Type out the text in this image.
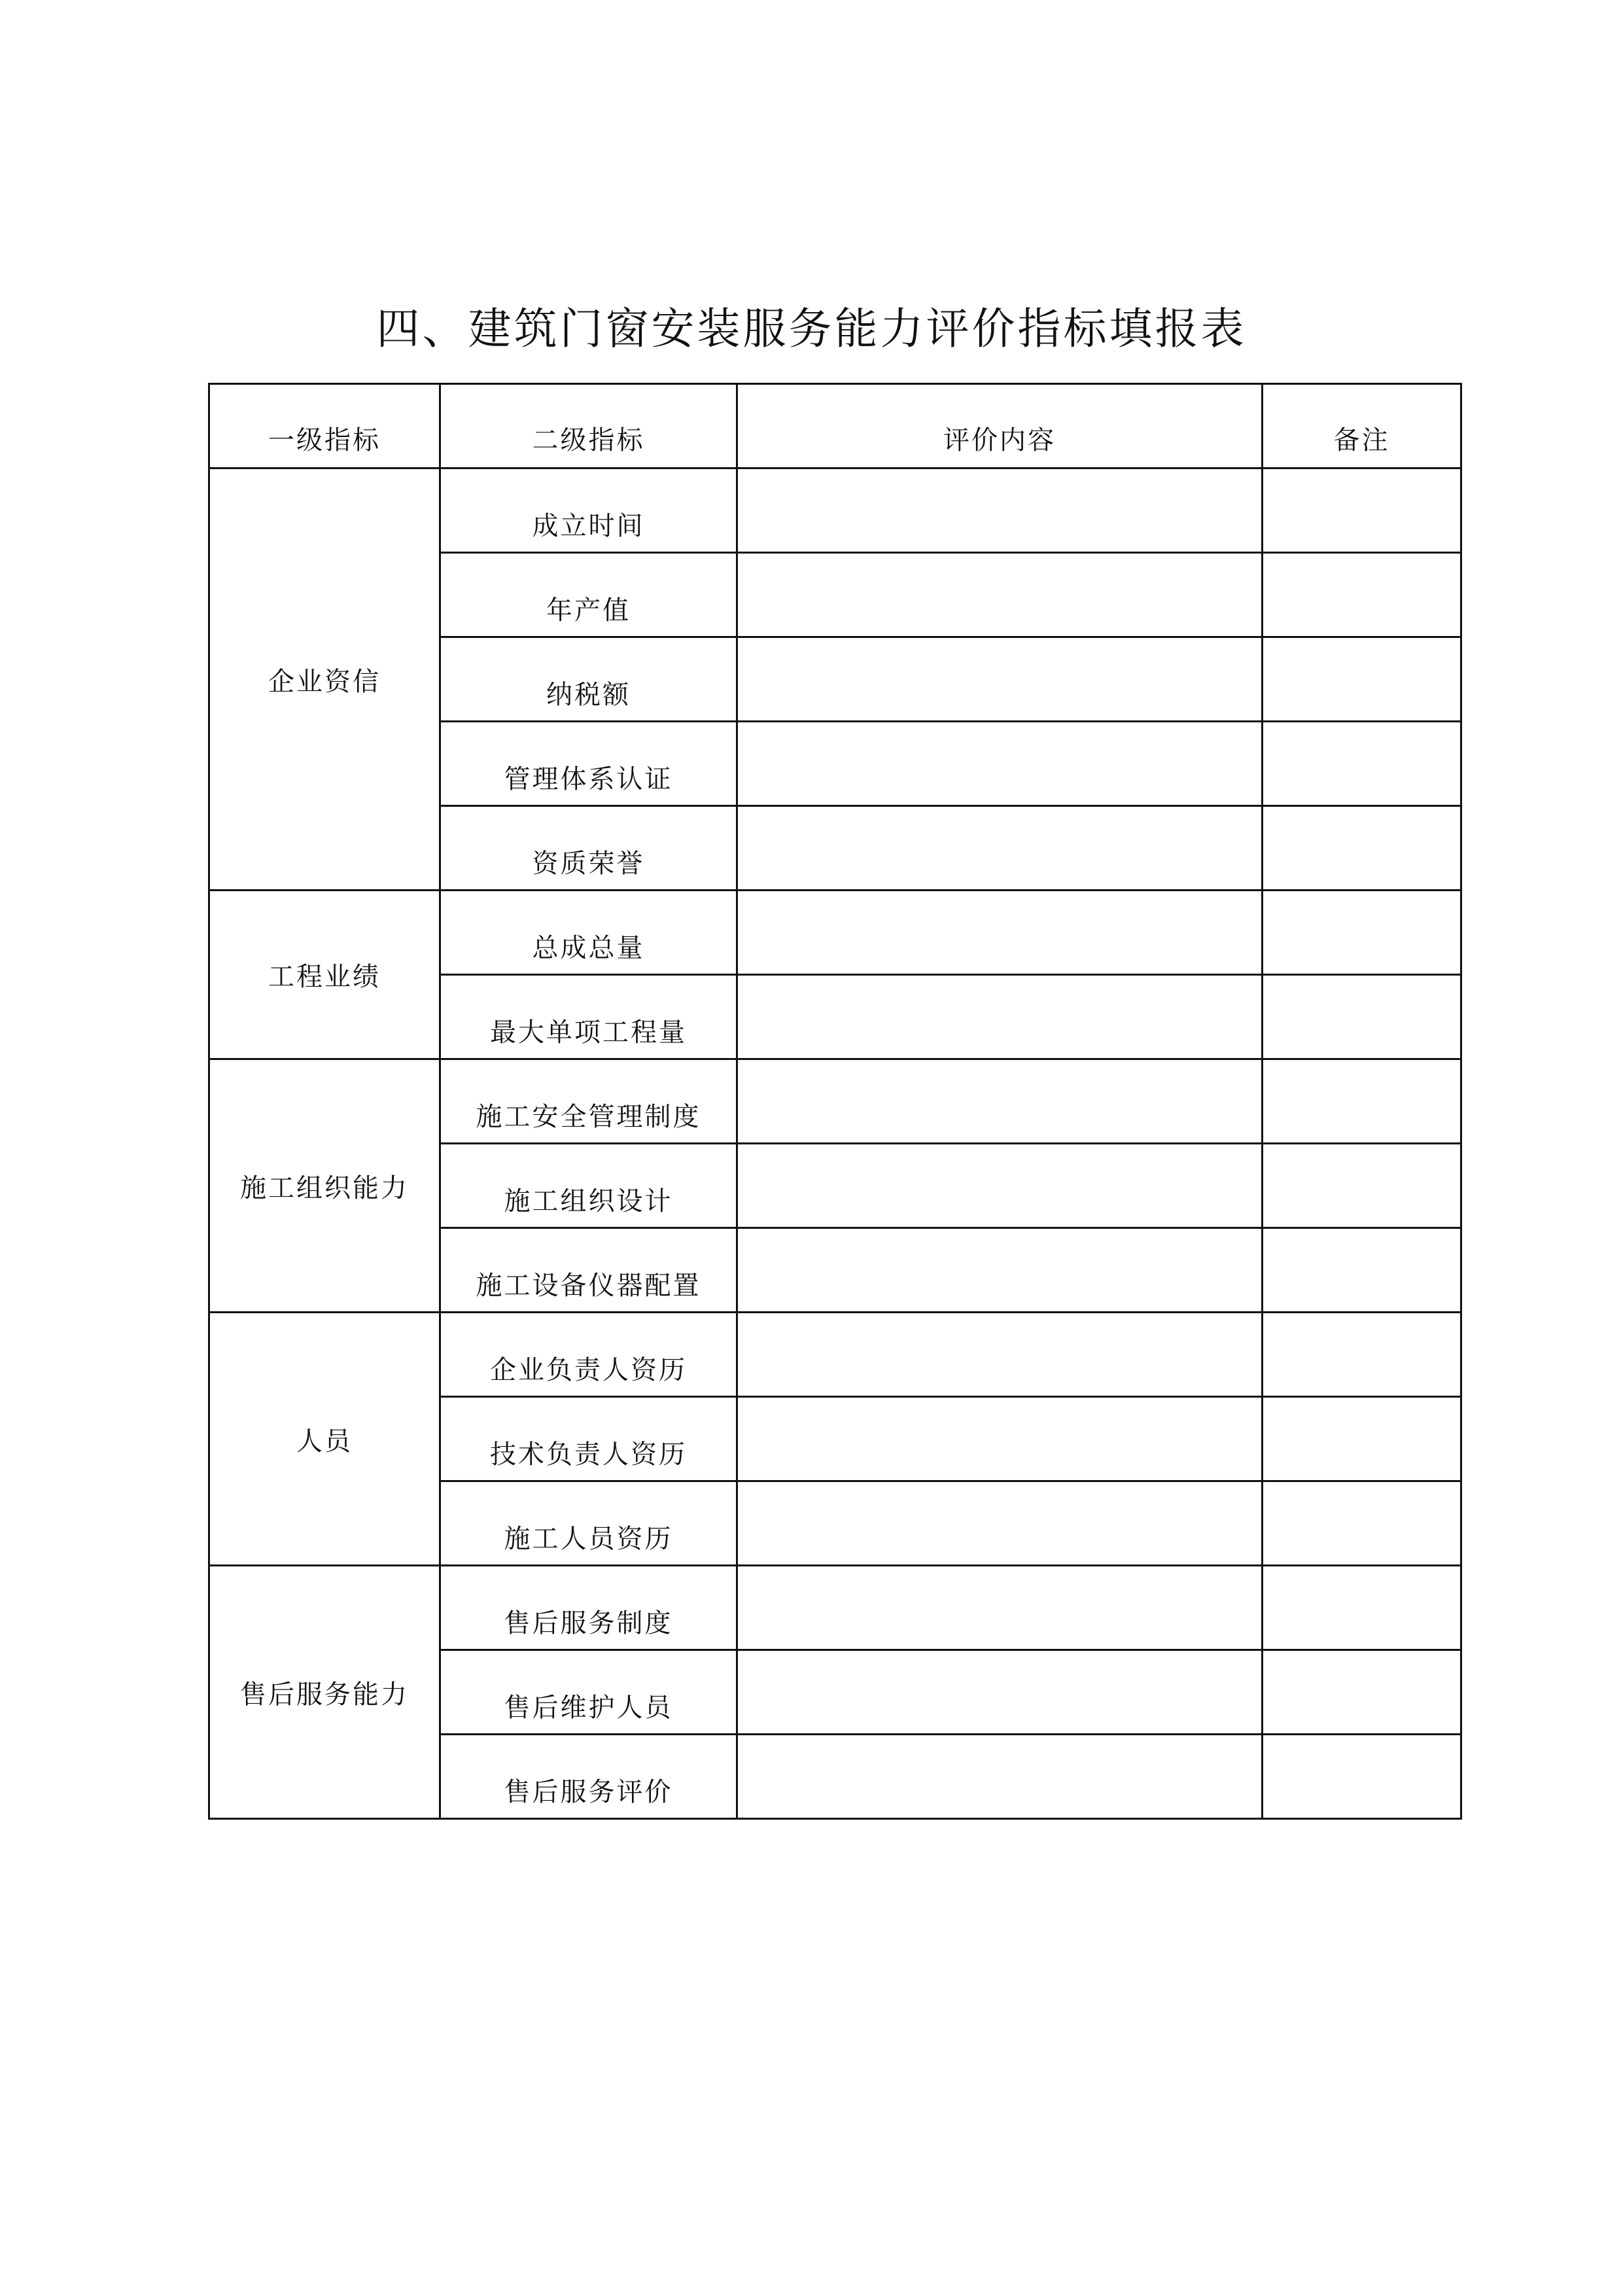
四、建筑门窗安装服务能力评价指标填报表
一级指标	二级指标	评价内容	备注
企业资信	成立时间		
	年产值		
	纳税额		
	管理体系认证		
	资质荣誉		
工程业绩	总成总量		
	最大单项工程量		
施工组织能力	施工安全管理制度		
	施工组织设计		
	施工设备仪器配置		
人员	企业负责人资历		
	技术负责人资历		
	施工人员资历		
售后服务能力	售后服务制度		
	售后维护人员		
	售后服务评价		
